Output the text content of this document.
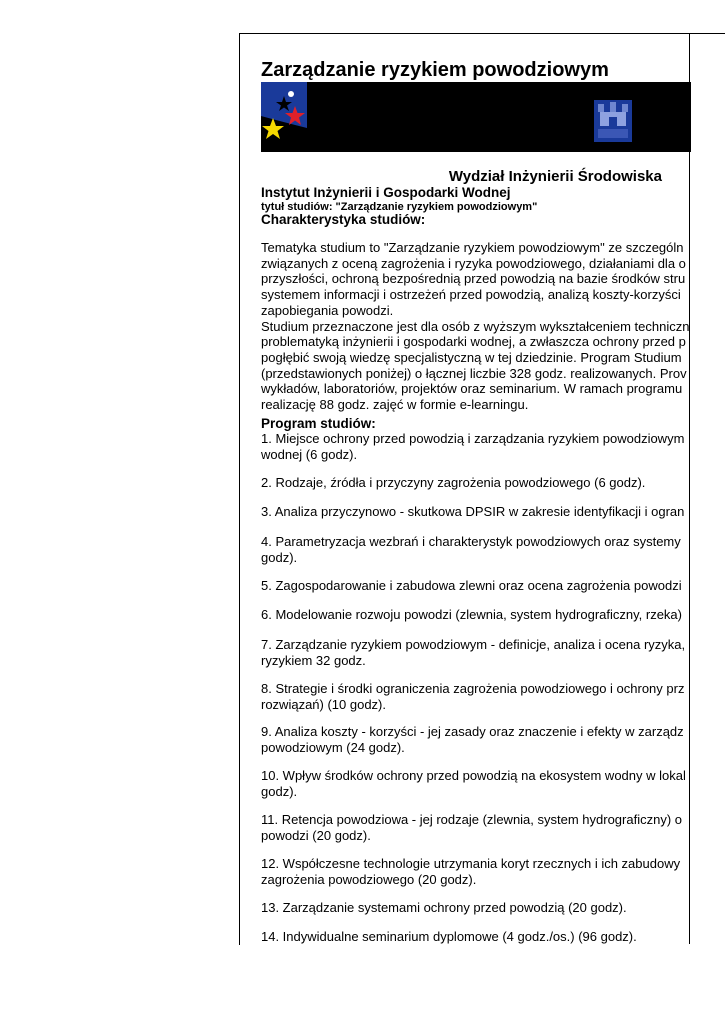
Zarządzanie ryzykiem powodziowym
Wydział Inżynierii Środowiska
Instytut Inżynierii i Gospodarki Wodnej
tytuł studiów: "Zarządzanie ryzykiem powodziowym"
Charakterystyka studiów:
Tematyka studium to "Zarządzanie ryzykiem powodziowym" ze szczególn
związanych z oceną zagrożenia i ryzyka powodziowego, działaniami dla o
przyszłości, ochroną bezpośrednią przed powodzią na bazie środków stru
systemem informacji i ostrzeżeń przed powodzią, analizą koszty-korzyści
zapobiegania powodzi.
Studium przeznaczone jest dla osób z wyższym wykształceniem techniczn
problematyką inżynierii i gospodarki wodnej, a zwłaszcza ochrony przed p
pogłębić swoją wiedzę specjalistyczną w tej dziedzinie. Program Studium
(przedstawionych poniżej) o łącznej liczbie 328 godz. realizowanych. Prov
wykładów, laboratoriów, projektów oraz seminarium. W ramach programu
realizację 88 godz. zajęć w formie e-learningu.
Program studiów:
1. Miejsce ochrony przed powodzią i zarządzania ryzykiem powodziowym
wodnej (6 godz).
2. Rodzaje, źródła i przyczyny zagrożenia powodziowego (6 godz).
3. Analiza przyczynowo - skutkowa DPSIR w zakresie identyfikacji i ogran
4. Parametryzacja wezbrań i charakterystyk powodziowych oraz systemy
godz).
5. Zagospodarowanie i zabudowa zlewni oraz ocena zagrożenia powodzi
6. Modelowanie rozwoju powodzi (zlewnia, system hydrograficzny, rzeka)
7. Zarządzanie ryzykiem powodziowym - definicje, analiza i ocena ryzyka,
ryzykiem 32 godz.
8. Strategie i środki ograniczenia zagrożenia powodziowego i ochrony prz
rozwiązań) (10 godz).
9. Analiza koszty - korzyści - jej zasady oraz znaczenie i efekty w zarządz
powodziowym (24 godz).
10. Wpływ środków ochrony przed powodzią na ekosystem wodny w lokal
godz).
11. Retencja powodziowa - jej rodzaje (zlewnia, system hydrograficzny) o
powodzi (20 godz).
12. Współczesne technologie utrzymania koryt rzecznych i ich zabudowy
zagrożenia powodziowego (20 godz).
13. Zarządzanie systemami ochrony przed powodzią (20 godz).
14. Indywidualne seminarium dyplomowe (4 godz./os.) (96 godz).
